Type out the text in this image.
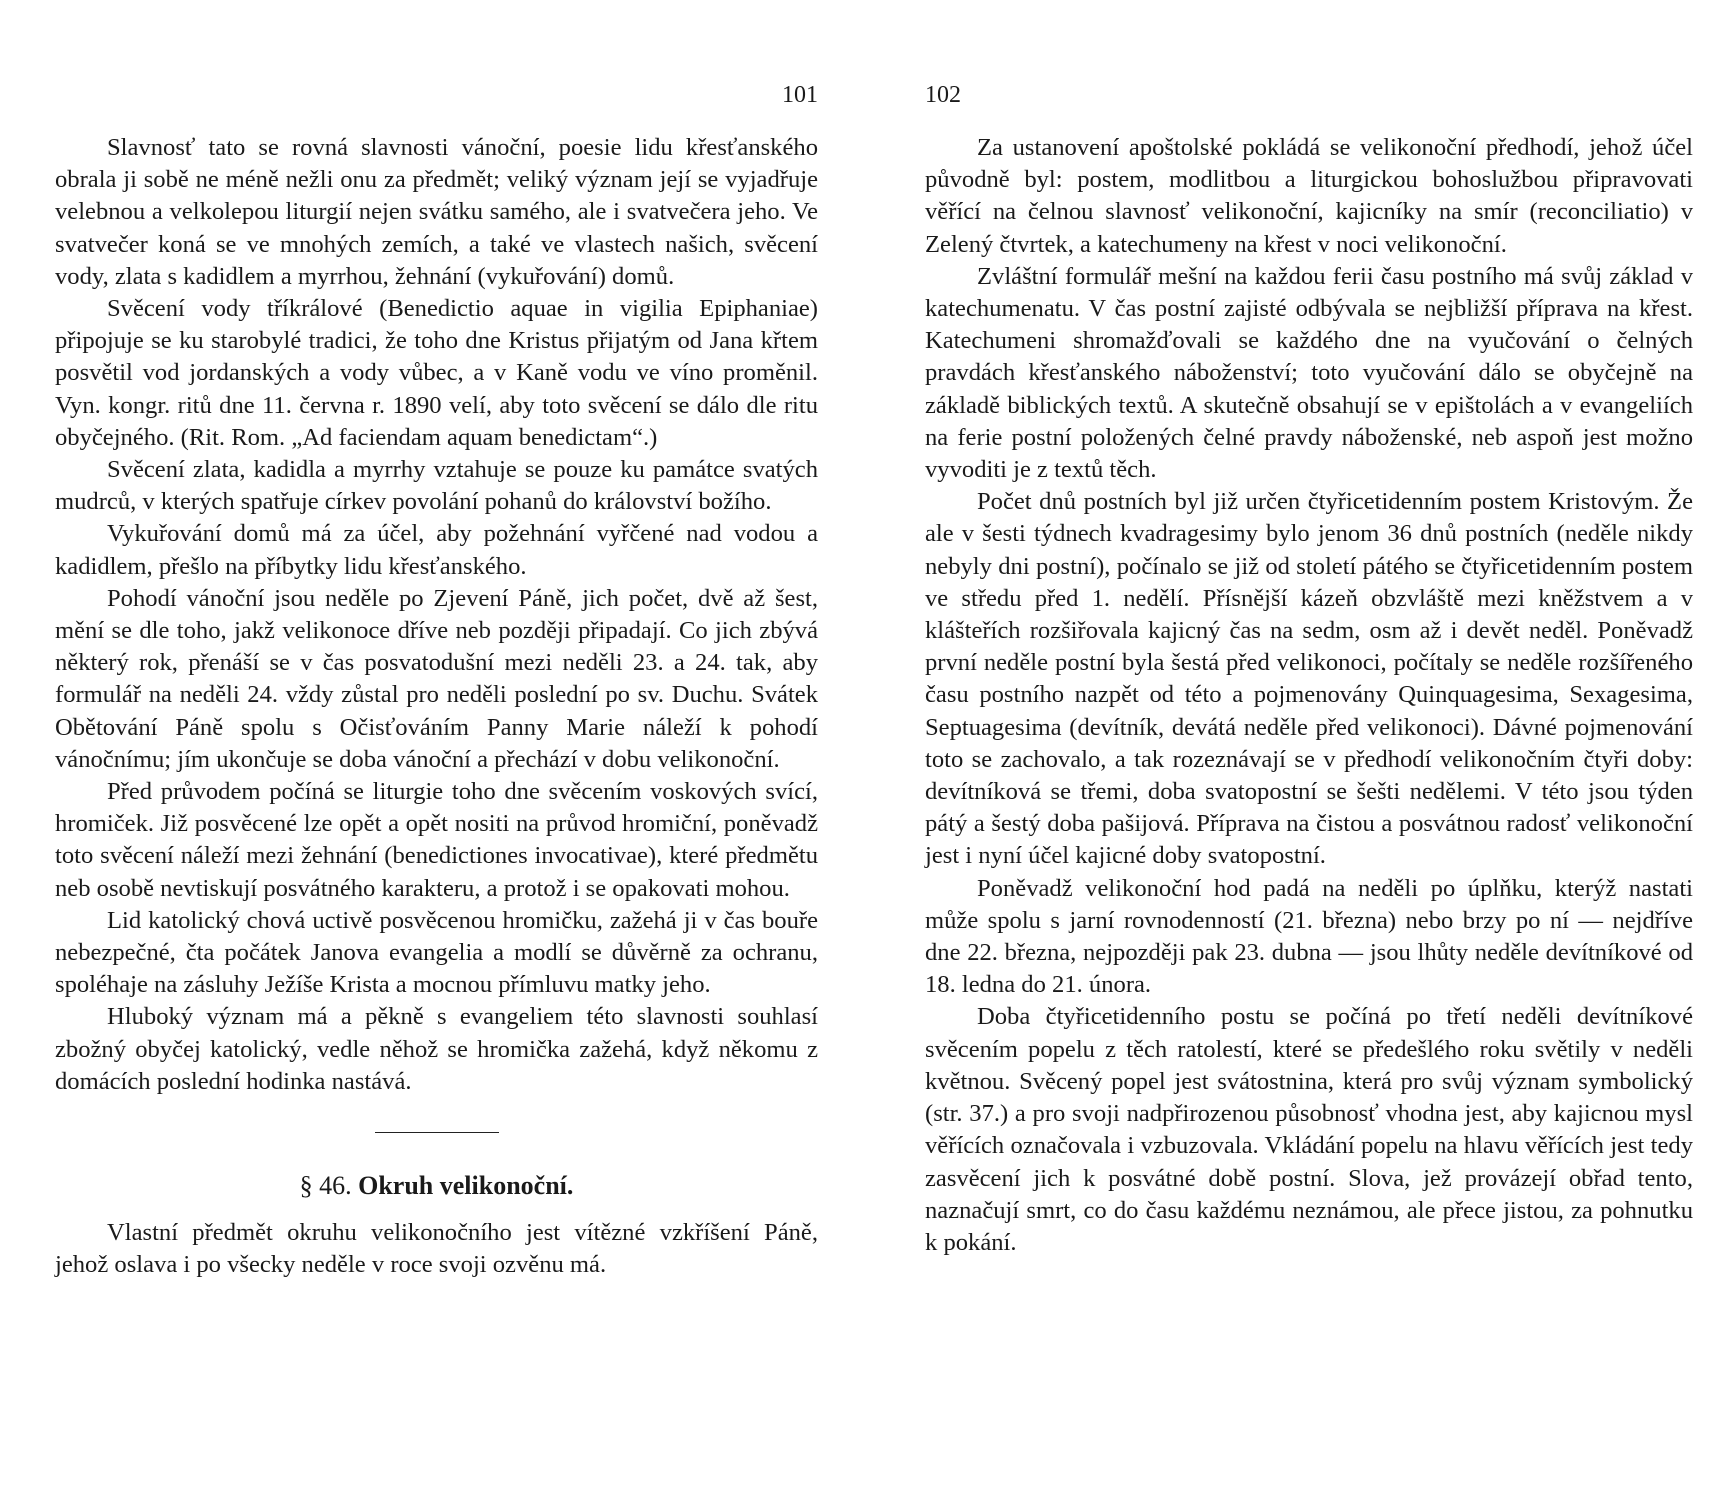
101

Slavnosť tato se rovná slavnosti vánoční, poesie lidu křesťanského obrala ji sobě ne méně nežli onu za předmět; veliký význam její se vyjadřuje velebnou a velkolepou liturgií nejen svátku samého, ale i svatvečera jeho. Ve svatvečer koná se ve mnohých zemích, a také ve vlastech našich, svěcení vody, zlata s kadidlem a myrrhou, žehnání (vykuřování) domů.

Svěcení vody tříkrálové (Benedictio aquae in vigilia Epiphaniae) připojuje se ku starobylé tradici, že toho dne Kristus přijatým od Jana křtem posvětil vod jordanských a vody vůbec, a v Kaně vodu ve víno proměnil. Vyn. kongr. ritů dne 11. června r. 1890 velí, aby toto svěcení se dálo dle ritu obyčejného. (Rit. Rom. „Ad faciendam aquam benedictam“.)

Svěcení zlata, kadidla a myrrhy vztahuje se pouze ku památce svatých mudrců, v kterých spatřuje církev povolání pohanů do království božího.

Vykuřování domů má za účel, aby požehnání vyřčené nad vodou a kadidlem, přešlo na příbytky lidu křesťanského.

Pohodí vánoční jsou neděle po Zjevení Páně, jich počet, dvě až šest, mění se dle toho, jakž velikonoce dříve neb později připadají. Co jich zbývá některý rok, přenáší se v čas posvatodušní mezi neděli 23. a 24. tak, aby formulář na neděli 24. vždy zůstal pro neděli poslední po sv. Duchu. Svátek Obětování Páně spolu s Očisťováním Panny Marie náleží k pohodí vánočnímu; jím ukončuje se doba vánoční a přechází v dobu velikonoční.

Před průvodem počíná se liturgie toho dne svěcením voskových svící, hromiček. Již posvěcené lze opět a opět nositi na průvod hromiční, poněvadž toto svěcení náleží mezi žehnání (benedictiones invocativae), které předmětu neb osobě nevtiskují posvátného karakteru, a protož i se opakovati mohou.

Lid katolický chová uctivě posvěcenou hromičku, zažehá ji v čas bouře nebezpečné, čta počátek Janova evangelia a modlí se důvěrně za ochranu, spoléhaje na zásluhy Ježíše Krista a mocnou přímluvu matky jeho.

Hluboký význam má a pěkně s evangeliem této slavnosti souhlasí zbožný obyčej katolický, vedle něhož se hromička zažehá, když někomu z domácích poslední hodinka nastává.

§ 46. Okruh velikonoční.

Vlastní předmět okruhu velikonočního jest vítězné vzkříšení Páně, jehož oslava i po všecky neděle v roce svoji ozvěnu má.

102

Za ustanovení apoštolské pokládá se velikonoční předhodí, jehož účel původně byl: postem, modlitbou a liturgickou bohoslužbou připravovati věřící na čelnou slavnosť velikonoční, kajicníky na smír (reconciliatio) v Zelený čtvrtek, a katechumeny na křest v noci velikonoční.

Zvláštní formulář mešní na každou ferii času postního má svůj základ v katechumenatu. V čas postní zajisté odbývala se nejbližší příprava na křest. Katechumeni shromažďovali se každého dne na vyučování o čelných pravdách křesťanského náboženství; toto vyučování dálo se obyčejně na základě biblických textů. A skutečně obsahují se v epištolách a v evangeliích na ferie postní položených čelné pravdy náboženské, neb aspoň jest možno vyvoditi je z textů těch.

Počet dnů postních byl již určen čtyřicetidenním postem Kristovým. Že ale v šesti týdnech kvadragesimy bylo jenom 36 dnů postních (neděle nikdy nebyly dni postní), počínalo se již od století pátého se čtyřicetidenním postem ve středu před 1. nedělí. Přísnější kázeň obzvláště mezi kněžstvem a v klášteřích rozšiřovala kajicný čas na sedm, osm až i devět neděl. Poněvadž první neděle postní byla šestá před velikonoci, počítaly se neděle rozšířeného času postního nazpět od této a pojmenovány Quinquagesima, Sexagesima, Septuagesima (devítník, devátá neděle před velikonoci). Dávné pojmenování toto se zachovalo, a tak rozeznávají se v předhodí velikonočním čtyři doby: devítníková se třemi, doba svatopostní se šešti nedělemi. V této jsou týden pátý a šestý doba pašijová. Příprava na čistou a posvátnou radosť velikonoční jest i nyní účel kajicné doby svatopostní.

Poněvadž velikonoční hod padá na neděli po úplňku, kterýž nastati může spolu s jarní rovnodenností (21. března) nebo brzy po ní — nejdříve dne 22. března, nejpozději pak 23. dubna — jsou lhůty neděle devítníkové od 18. ledna do 21. února.

Doba čtyřicetidenního postu se počíná po třetí neděli devítníkové svěcením popelu z těch ratolestí, které se předešlého roku světily v neděli květnou. Svěcený popel jest svátostnina, která pro svůj význam symbolický (str. 37.) a pro svoji nadpřirozenou působnosť vhodna jest, aby kajicnou mysl věřících označovala i vzbuzovala. Vkládání popelu na hlavu věřících jest tedy zasvěcení jich k posvátné době postní. Slova, jež provázejí obřad tento, naznačují smrt, co do času každému neznámou, ale přece jistou, za pohnutku k pokání.
